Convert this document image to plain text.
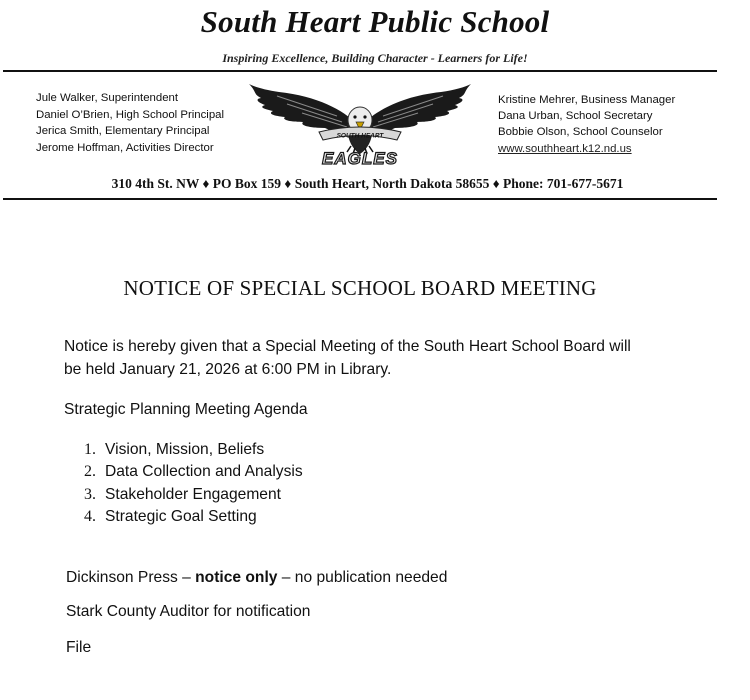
South Heart Public School
Inspiring Excellence, Building Character - Learners for Life!
Jule Walker, Superintendent
Daniel O’Brien, High School Principal
Jerica Smith, Elementary Principal
Jerome Hoffman, Activities Director
SOUTH HEART
EAGLES
Kristine Mehrer, Business Manager
Dana Urban, School Secretary
Bobbie Olson, School Counselor
www.southheart.k12.nd.us
310 4th St. NW ♦ PO Box 159 ♦ South Heart, North Dakota 58655 ♦ Phone: 701-677-5671
NOTICE OF SPECIAL SCHOOL BOARD MEETING
Notice is hereby given that a Special Meeting of the South Heart School Board will
be held January 21, 2026 at 6:00 PM in Library.
Strategic Planning Meeting Agenda
1. Vision, Mission, Beliefs
2. Data Collection and Analysis
3. Stakeholder Engagement
4. Strategic Goal Setting
Dickinson Press – notice only – no publication needed
Stark County Auditor for notification
File
